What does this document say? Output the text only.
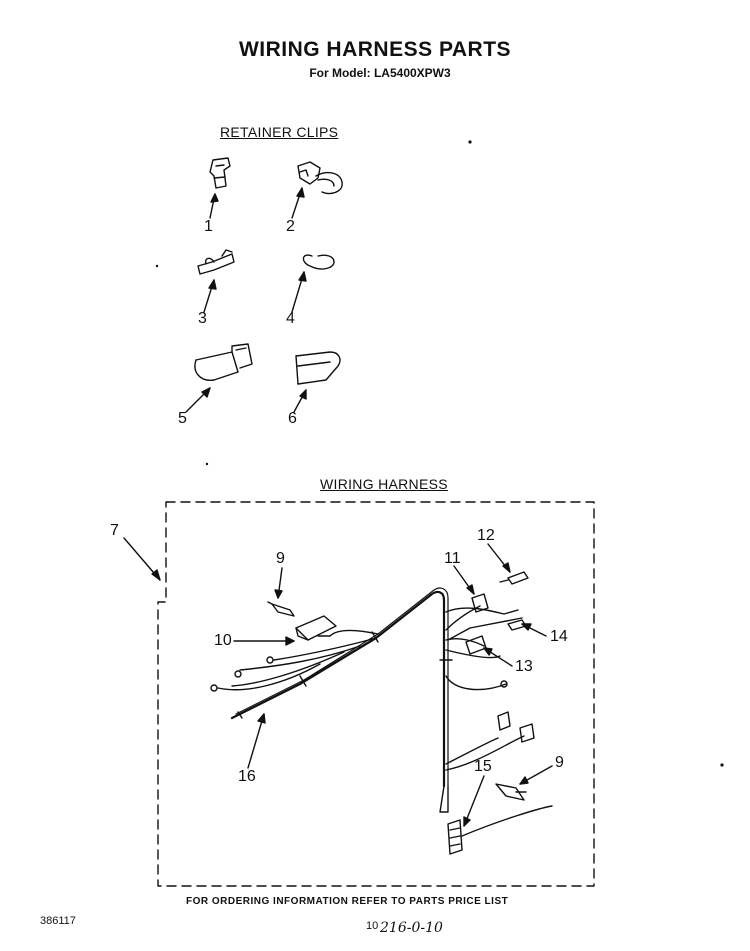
WIRING HARNESS PARTS
For Model: LA5400XPW3
RETAINER CLIPS
WIRING HARNESS
1	2
3	4
5	6
7
9
10
11
12
13
14
15
16
9
FOR ORDERING INFORMATION REFER TO PARTS PRICE LIST
386117	10 216-0-10
